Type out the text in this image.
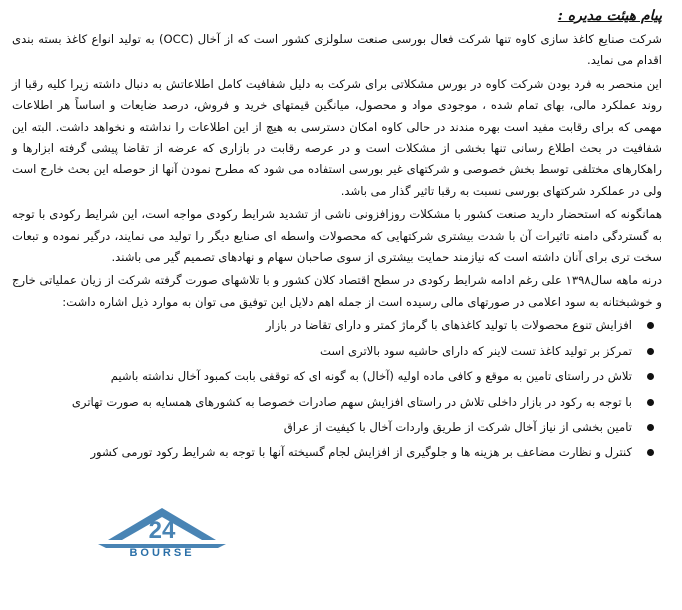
پیام هیئت مدیره :

شرکت صنایع کاغذ سازی کاوه تنها شرکت فعال بورسی صنعت سلولزی کشور است که از آخال (OCC) به تولید انواع کاغذ بسته بندی اقدام می نماید.

این منحصر به فرد بودن شرکت کاوه در بورس مشکلاتی برای شرکت به دلیل شفافیت کامل اطلاعاتش به دنبال داشته زیرا کلیه رقبا از روند عملکرد مالی، بهای تمام شده ، موجودی مواد و محصول، میانگین قیمتهای خرید و فروش، درصد ضایعات و اساساً هر اطلاعات مهمی که برای رقابت مفید است بهره مندند در حالی کاوه امکان دسترسی به هیچ از این اطلاعات را نداشته و نخواهد داشت. البته این شفافیت در بحث اطلاع رسانی تنها بخشی از مشکلات است و در عرصه رقابت در بازاری که عرضه از تقاضا پیشی گرفته ابزارها و راهکارهای مختلفی توسط بخش خصوصی و شرکتهای غیر بورسی استفاده می شود که مطرح نمودن آنها از حوصله این بحث خارج است ولی در عملکرد شرکتهای بورسی نسبت به رقبا تاثیر گذار می باشد.

همانگونه که استحضار دارید صنعت کشور با مشکلات روزافزونی ناشی از تشدید شرایط رکودی مواجه است، این شرایط رکودی با توجه به گستردگی دامنه تاثیرات آن با شدت بیشتری شرکتهایی که محصولات واسطه ای صنایع دیگر را تولید می نمایند، درگیر نموده و تبعات سخت تری برای آنان داشته است که نیازمند حمایت بیشتری از سوی صاحبان سهام و نهادهای تصمیم گیر می باشند.

درنه ماهه سال۱۳۹۸ علی رغم ادامه شرایط رکودی در سطح اقتصاد کلان کشور و با تلاشهای صورت گرفته شرکت از زیان عملیاتی خارج و خوشبختانه به سود اعلامی در صورتهای مالی رسیده است از جمله اهم دلایل این توفیق می توان به موارد ذیل اشاره داشت:

افزایش تنوع محصولات با تولید کاغذهای با گرماژ کمتر و دارای تقاضا در بازار
تمرکز بر تولید کاغذ تست لاینر که دارای حاشیه سود بالاتری است
تلاش در راستای تامین به موقع و کافی ماده اولیه (آخال) به گونه ای که توقفی بابت کمبود آخال نداشته باشیم
با توجه به رکود در بازار داخلی تلاش در راستای افزایش سهم صادرات خصوصا به کشورهای همسایه به صورت تهاتری
تامین بخشی از نیاز آخال شرکت از طریق واردات آخال با کیفیت از عراق
کنترل و نظارت مضاعف بر هزینه ها و جلوگیری از افزایش لجام گسیخته آنها با توجه به شرایط رکود تورمی کشور
24
BOURSE
